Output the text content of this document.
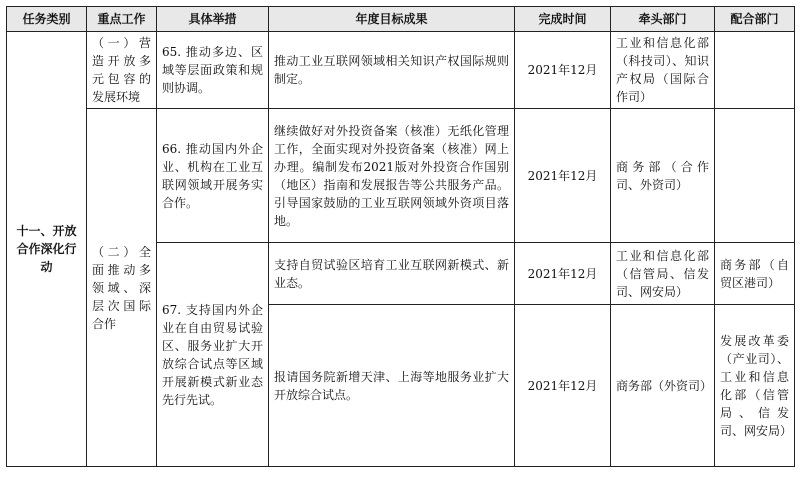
任务类别	重点工作	具体举措	年度目标成果	完成时间	牵头部门	配合部门
十一、开放合作深化行动	（一）营造开放多元包容的发展环境	65. 推动多边、区域等层面政策和规则协调。	推动工业互联网领域相关知识产权国际规则制定。	2021年12月	工业和信息化部（科技司）、知识产权局（国际合作司）	
	（二）全面推动多领域、深层次国际合作	66. 推动国内外企业、机构在工业互联网领域开展务实合作。	继续做好对外投资备案（核准）无纸化管理工作，全面实现对外投资备案（核准）网上办理。编制发布2021版对外投资合作国别（地区）指南和发展报告等公共服务产品。引导国家鼓励的工业互联网领域外资项目落地。	2021年12月	商务部（合作司、外资司）	
		67. 支持国内外企业在自由贸易试验区、服务业扩大开放综合试点等区域开展新模式新业态先行先试。	支持自贸试验区培育工业互联网新模式、新业态。	2021年12月	工业和信息化部（信管局、信发司、网安局）	商务部（自贸区港司）
			报请国务院新增天津、上海等地服务业扩大开放综合试点。	2021年12月	商务部（外资司）	发展改革委（产业司）、工业和信息化部（信管局、信发司、网安局）
